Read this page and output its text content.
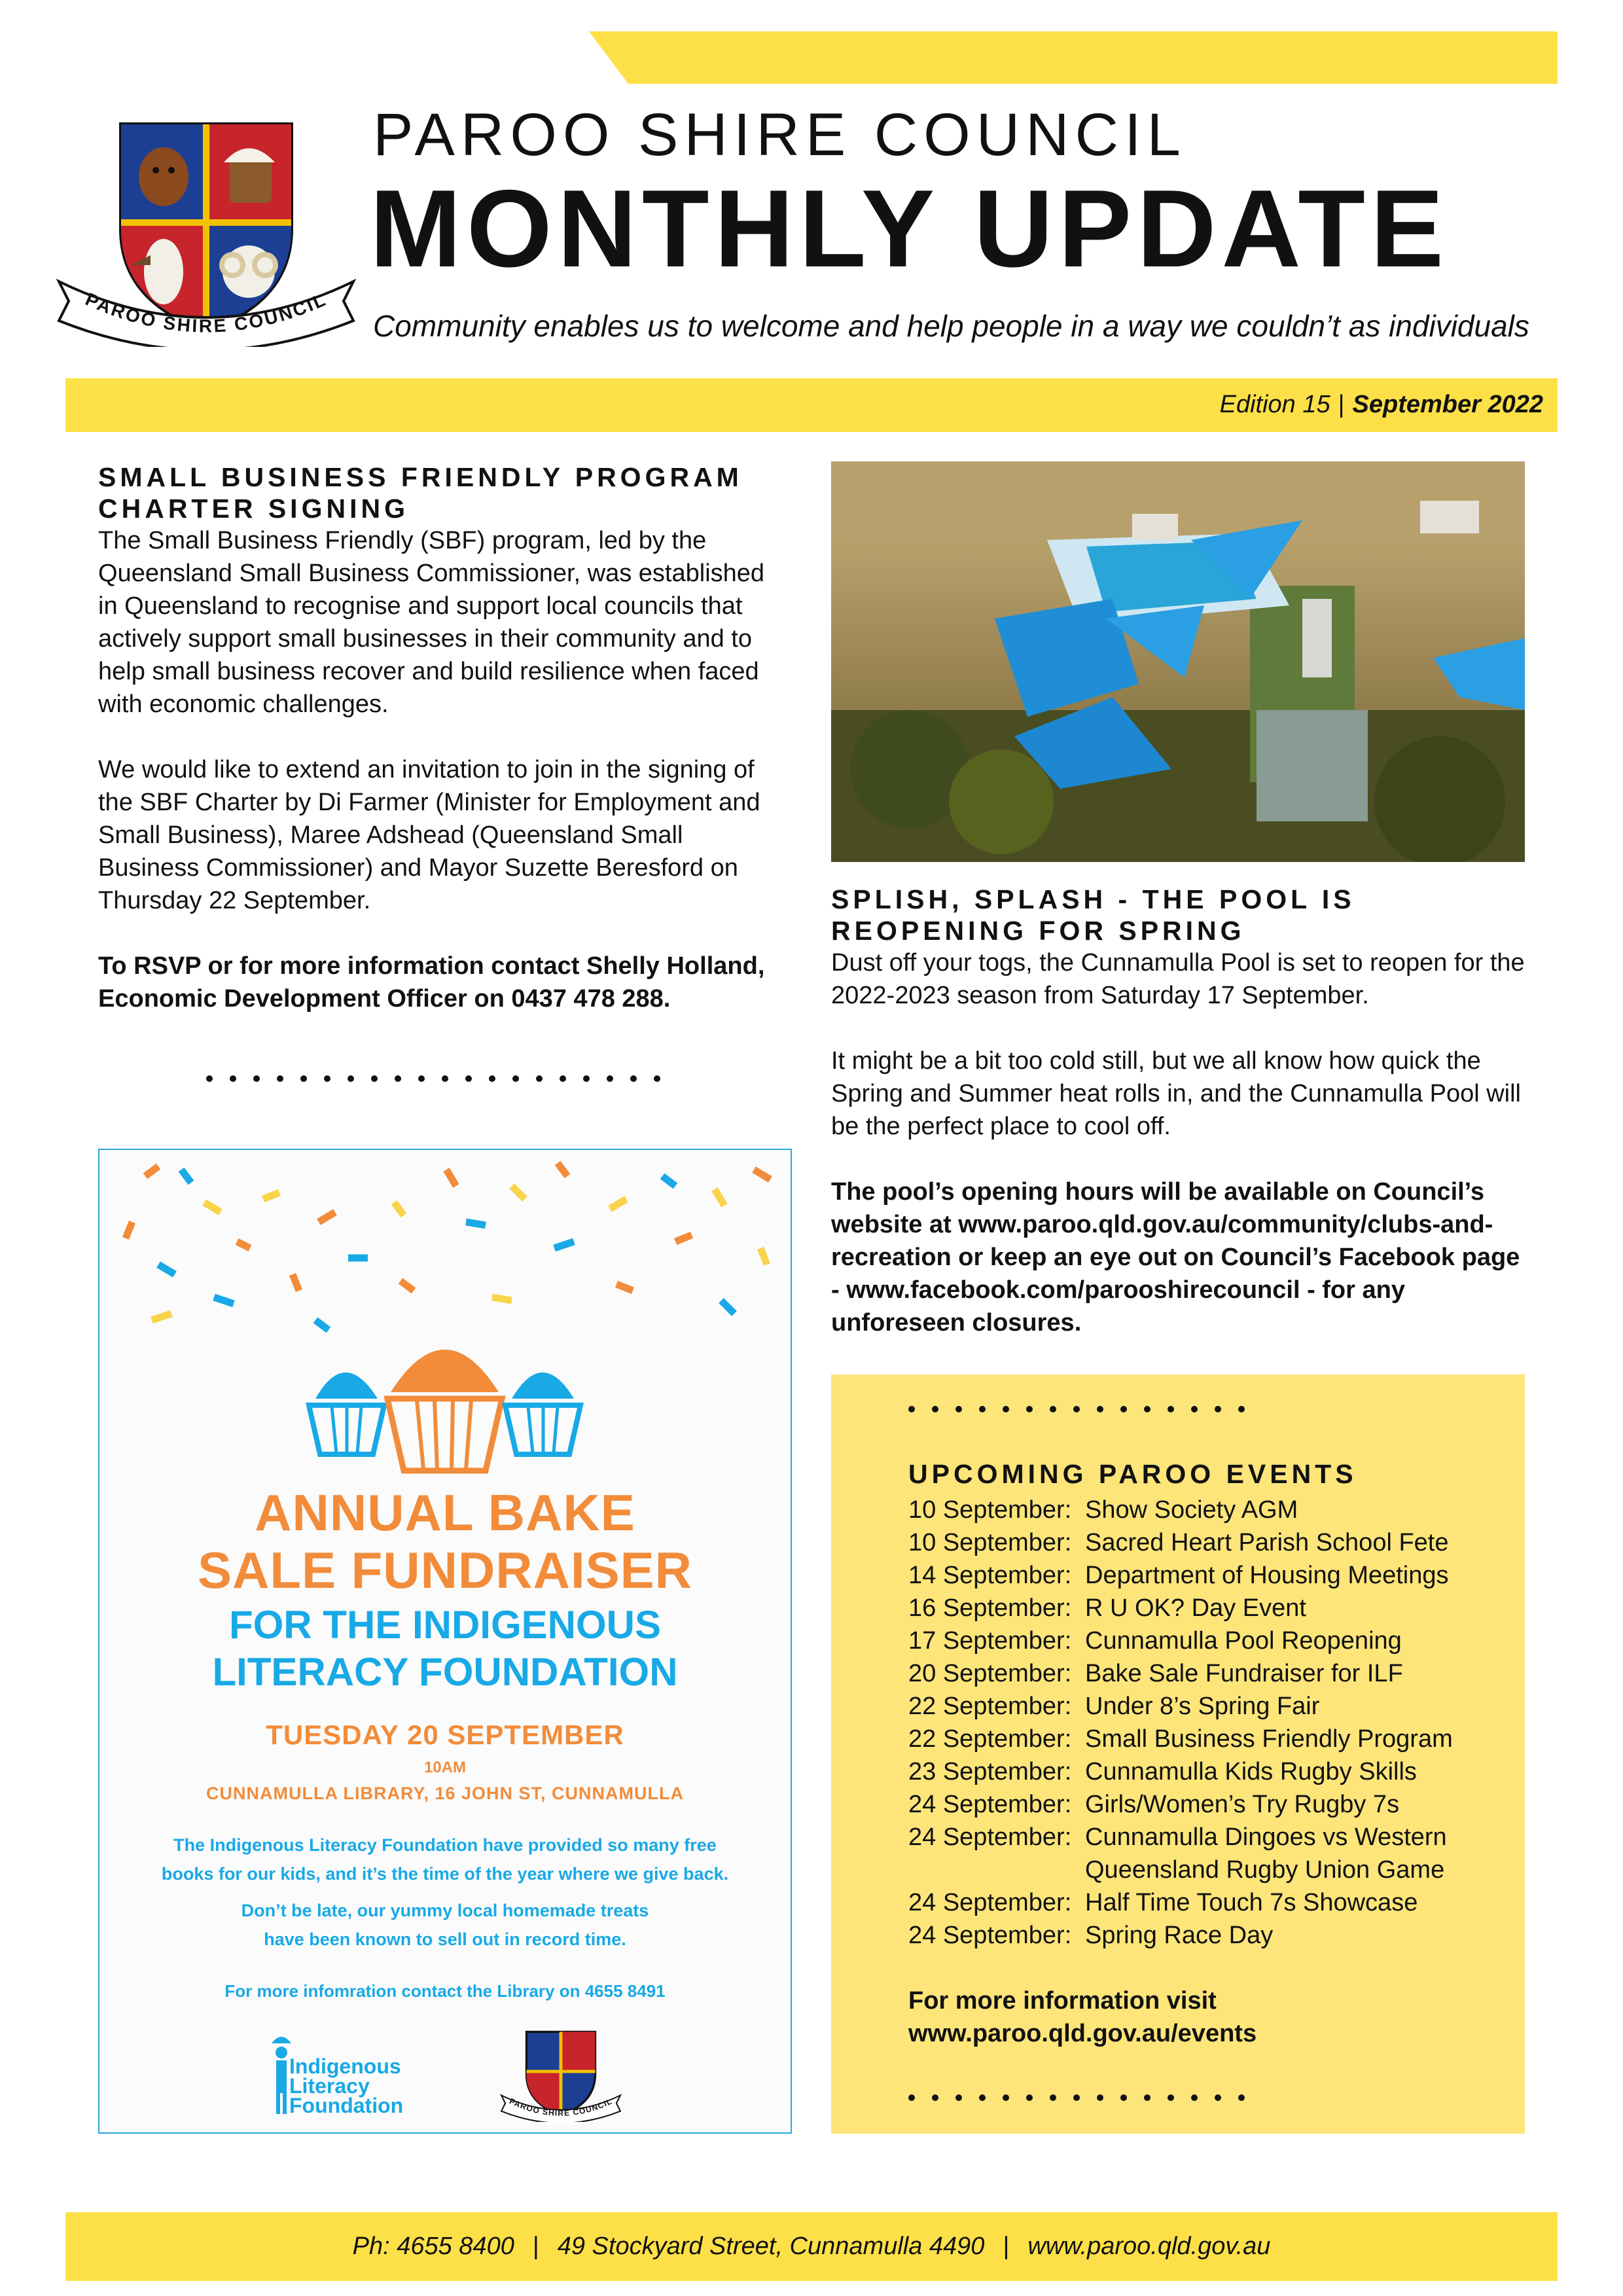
PAROO SHIRE COUNCIL
PAROO SHIRE COUNCIL
MONTHLY UPDATE
Community enables us to welcome and help people in a way we couldn’t as individuals
Edition 15 | September 2022
SMALL BUSINESS FRIENDLY PROGRAM
CHARTER SIGNING

The Small Business Friendly (SBF) program, led by the Queensland Small Business Commissioner, was established in Queensland to recognise and support local councils that actively support small businesses in their community and to help small business recover and build resilience when faced with economic challenges.

We would like to extend an invitation to join in the signing of the SBF Charter by Di Farmer (Minister for Employment and Small Business), Maree Adshead (Queensland Small Business Commissioner) and Mayor Suzette Beresford on Thursday 22 September.

To RSVP or for more information contact Shelly Holland, Economic Development Officer on 0437 478 288.

SPLISH, SPLASH - THE POOL IS
REOPENING FOR SPRING

Dust off your togs, the Cunnamulla Pool is set to reopen for the 2022-2023 season from Saturday 17 September.

It might be a bit too cold still, but we all know how quick the Spring and Summer heat rolls in, and the Cunnamulla Pool will be the perfect place to cool off.

The pool’s opening hours will be available on Council’s website at www.paroo.qld.gov.au/community/clubs-and-recreation or keep an eye out on Council’s Facebook page - www.facebook.com/parooshirecouncil - for any unforeseen closures.

ANNUAL BAKE
SALE FUNDRAISER
FOR THE INDIGENOUS
LITERACY FOUNDATION
TUESDAY 20 SEPTEMBER
10AM
CUNNAMULLA LIBRARY, 16 JOHN ST, CUNNAMULLA
The Indigenous Literacy Foundation have provided so many free
books for our kids, and it’s the time of the year where we give back.
Don’t be late, our yummy local homemade treats
have been known to sell out in record time.
For more infomration contact the Library on 4655 8491
Indigenous
Literacy
Foundation	PAROO SHIRE COUNCIL
UPCOMING PAROO EVENTS
10 September: Show Society AGM
10 September: Sacred Heart Parish School Fete
14 September: Department of Housing Meetings
16 September: R U OK? Day Event
17 September: Cunnamulla Pool Reopening
20 September: Bake Sale Fundraiser for ILF
22 September: Under 8’s Spring Fair
22 September: Small Business Friendly Program
23 September: Cunnamulla Kids Rugby Skills
24 September: Girls/Women’s Try Rugby 7s
24 September: Cunnamulla Dingoes vs Western
Queensland Rugby Union Game
24 September: Half Time Touch 7s Showcase
24 September: Spring Race Day
For more information visit
www.paroo.qld.gov.au/events
Ph: 4655 8400 | 49 Stockyard Street, Cunnamulla 4490 | www.paroo.qld.gov.au
